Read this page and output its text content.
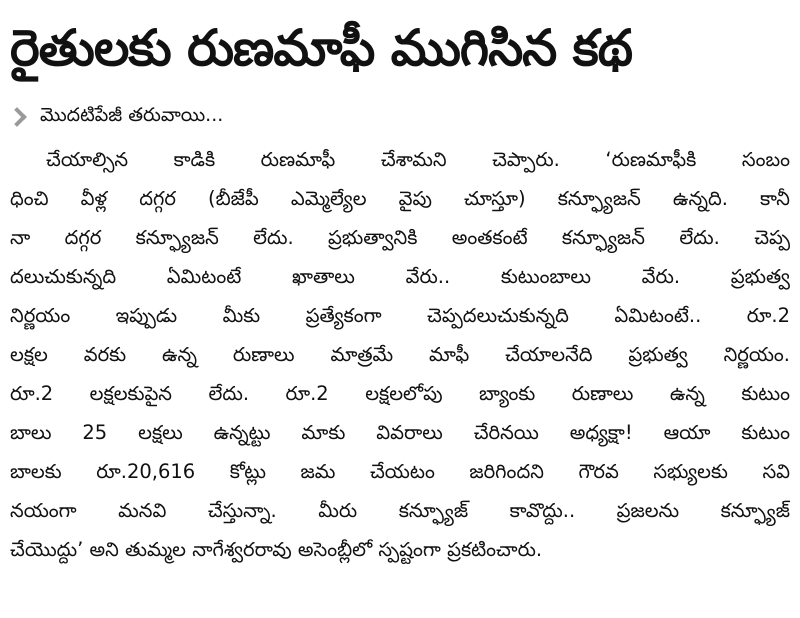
రైతులకు రుణమాఫీ ముగిసిన కథ
మొదటిపేజీ తరువాయి...
చేయాల్సిన కాడికి రుణమాఫీ చేశామని చెప్పారు. ‘రుణమాఫీకి సంబం
ధించి వీళ్ల దగ్గర (బీజేపీ ఎమ్మెల్యేల వైపు చూస్తూ) కన్ఫ్యూజన్ ఉన్నది. కానీ
నా దగ్గర కన్ఫ్యూజన్ లేదు. ప్రభుత్వానికి అంతకంటే కన్ఫ్యూజన్ లేదు. చెప్ప
దలుచుకున్నది ఏమిటంటే ఖాతాలు వేరు.. కుటుంబాలు వేరు. ప్రభుత్వ
నిర్ణయం ఇప్పుడు మీకు ప్రత్యేకంగా చెప్పదలుచుకున్నది ఏమిటంటే.. రూ.2
లక్షల వరకు ఉన్న రుణాలు మాత్రమే మాఫీ చేయాలనేది ప్రభుత్వ నిర్ణయం.
రూ.2 లక్షలకుపైన లేదు. రూ.2 లక్షలలోపు బ్యాంకు రుణాలు ఉన్న కుటుం
బాలు 25 లక్షలు ఉన్నట్టు మాకు వివరాలు చేరినయి అధ్యక్షా! ఆయా కుటుం
బాలకు రూ.20,616 కోట్లు జమ చేయటం జరిగిందని గౌరవ సభ్యులకు సవి
నయంగా మనవి చేస్తున్నా. మీరు కన్ఫ్యూజ్ కావొద్దు.. ప్రజలను కన్ఫ్యూజ్
చేయొద్దు’ అని తుమ్మల నాగేశ్వరరావు అసెంబ్లీలో స్పష్టంగా ప్రకటించారు.
